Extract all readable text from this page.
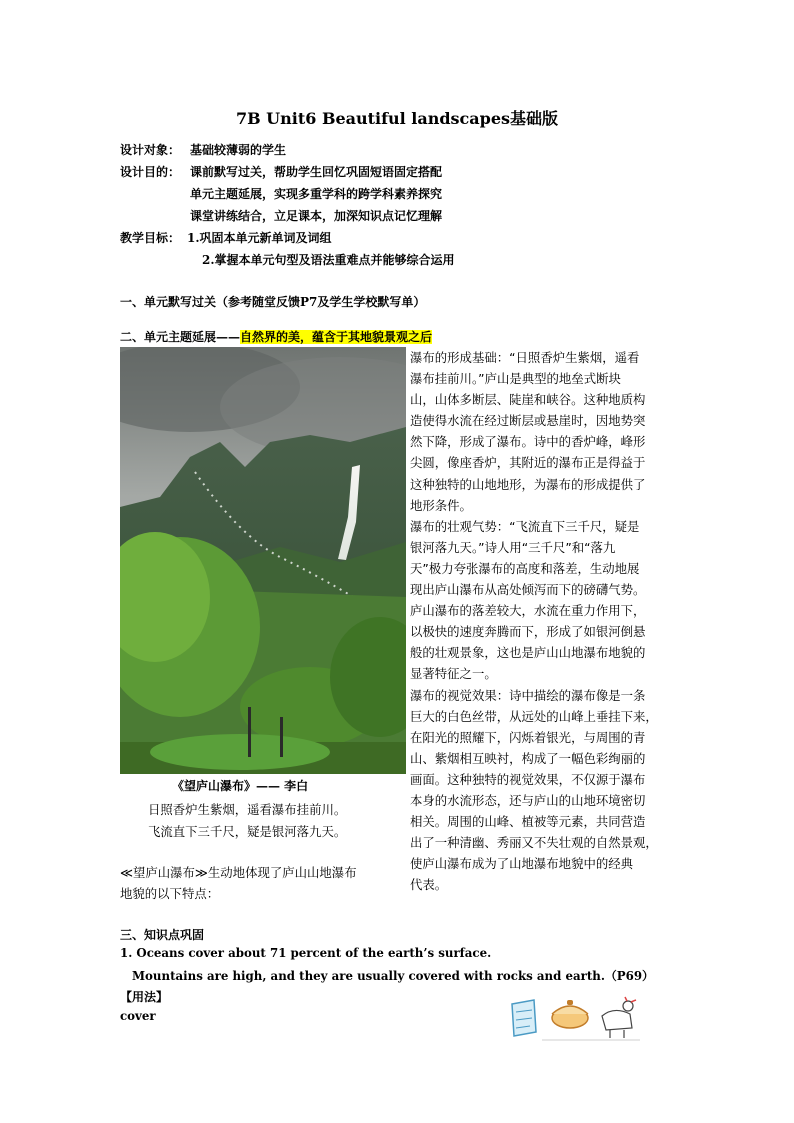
7B Unit6 Beautiful landscapes基础版
设计对象： 基础较薄弱的学生
设计目的： 课前默写过关，帮助学生回忆巩固短语固定搭配
单元主题延展，实现多重学科的跨学科素养探究
课堂讲练结合，立足课本，加深知识点记忆理解
教学目标： 1.巩固本单元新单词及词组
2.掌握本单元句型及语法重难点并能够综合运用
一、单元默写过关（参考随堂反馈P7及学生学校默写单）
二、单元主题延展——自然界的美，蕴含于其地貌景观之后
瀑布的形成基础：“日照香炉生紫烟，遥看
瀑布挂前川。”庐山是典型的地垒式断块
山，山体多断层、陡崖和峡谷。这种地质构
造使得水流在经过断层或悬崖时，因地势突
然下降，形成了瀑布。诗中的香炉峰，峰形
尖圆，像座香炉，其附近的瀑布正是得益于
这种独特的山地地形，为瀑布的形成提供了
地形条件。
瀑布的壮观气势：“飞流直下三千尺，疑是
银河落九天。”诗人用“三千尺”和“落九
天”极力夸张瀑布的高度和落差，生动地展
现出庐山瀑布从高处倾泻而下的磅礴气势。
庐山瀑布的落差较大，水流在重力作用下，
以极快的速度奔腾而下，形成了如银河倒悬
般的壮观景象，这也是庐山山地瀑布地貌的
显著特征之一。
瀑布的视觉效果：诗中描绘的瀑布像是一条
巨大的白色丝带，从远处的山峰上垂挂下来，
在阳光的照耀下，闪烁着银光，与周围的青
山、紫烟相互映衬，构成了一幅色彩绚丽的
画面。这种独特的视觉效果，不仅源于瀑布
本身的水流形态，还与庐山的山地环境密切
相关。周围的山峰、植被等元素，共同营造
出了一种清幽、秀丽又不失壮观的自然景观，
使庐山瀑布成为了山地瀑布地貌中的经典
代表。
《望庐山瀑布》—— 李白
日照香炉生紫烟，遥看瀑布挂前川。
飞流直下三千尺，疑是银河落九天。
≪望庐山瀑布≫生动地体现了庐山山地瀑布
地貌的以下特点：
三、知识点巩固
1. Oceans cover about 71 percent of the earth’s surface.
Mountains are high, and they are usually covered with rocks and earth.（P69）
【用法】
cover
